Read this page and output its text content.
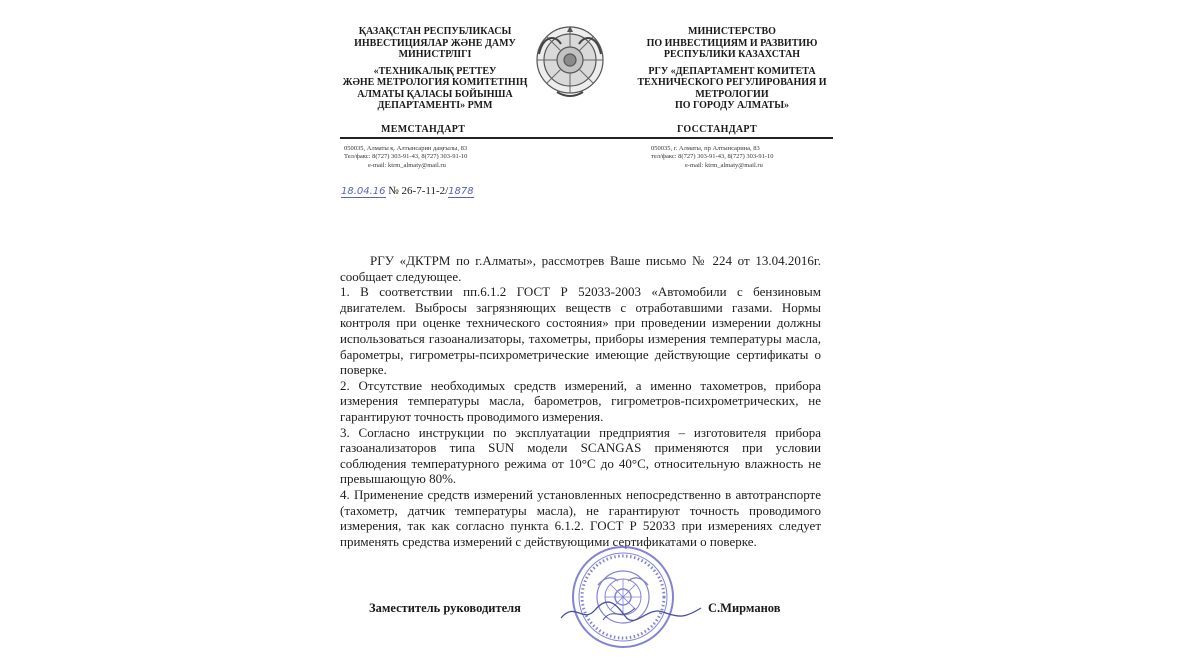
ҚАЗАҚСТАН РЕСПУБЛИКАСЫ
ИНВЕСТИЦИЯЛАР ЖӘНЕ ДАМУ
МИНИСТРЛІГІ
«ТЕХНИКАЛЫҚ РЕТТЕУ
ЖӘНЕ МЕТРОЛОГИЯ КОМИТЕТІНІҢ
АЛМАТЫ ҚАЛАСЫ БОЙЫНША
ДЕПАРТАМЕНТІ» РММ
МИНИСТЕРСТВО
ПО ИНВЕСТИЦИЯМ И РАЗВИТИЮ
РЕСПУБЛИКИ КАЗАХСТАН
РГУ «ДЕПАРТАМЕНТ КОМИТЕТА
ТЕХНИЧЕСКОГО РЕГУЛИРОВАНИЯ И
МЕТРОЛОГИИ
ПО ГОРОДУ АЛМАТЫ»
МЕМСТАНДАРТ	ГОССТАНДАРТ
050035, Алматы қ. Алтынсарин даңғылы, 83
Тел/факс: 8(727) 303-91-43, 8(727) 303-91-10
e-mail: ktrm_almaty@mail.ru
050035, г. Алматы, пр Алтынсарина, 83
тел/факс: 8(727) 303-91-43, 8(727) 303-91-10
e-mail: ktrm_almaty@mail.ru
18.04.16 № 26-7-11-2/1878

РГУ «ДКТРМ по г.Алматы», рассмотрев Ваше письмо № 224 от 13.04.2016г. сообщает следующее.

1. В соответствии пп.6.1.2 ГОСТ Р 52033-2003 «Автомобили с бензиновым двигателем. Выбросы загрязняющих веществ с отработавшими газами. Нормы контроля при оценке технического состояния» при проведении измерении должны использоваться газоанализаторы, тахометры, приборы измерения температуры масла, барометры, гигрометры-психрометрические имеющие действующие сертификаты о поверке.

2. Отсутствие необходимых средств измерений, а именно тахометров, прибора измерения температуры масла, барометров, гигрометров-психрометрических, не гарантируют точность проводимого измерения.

3. Согласно инструкции по эксплуатации предприятия – изготовителя прибора газоанализаторов типа SUN модели SCANGAS применяются при условии соблюдения температурного режима от 10°С до 40°С, относительную влажность не превышающую 80%.

4. Применение средств измерений установленных непосредственно в автотранспорте (тахометр, датчик температуры масла), не гарантируют точность проводимого измерения, так как согласно пункта 6.1.2. ГОСТ Р 52033 при измерениях следует применять средства измерений с действующими сертификатами о поверке.

Заместитель руководителя	С.Мирманов
